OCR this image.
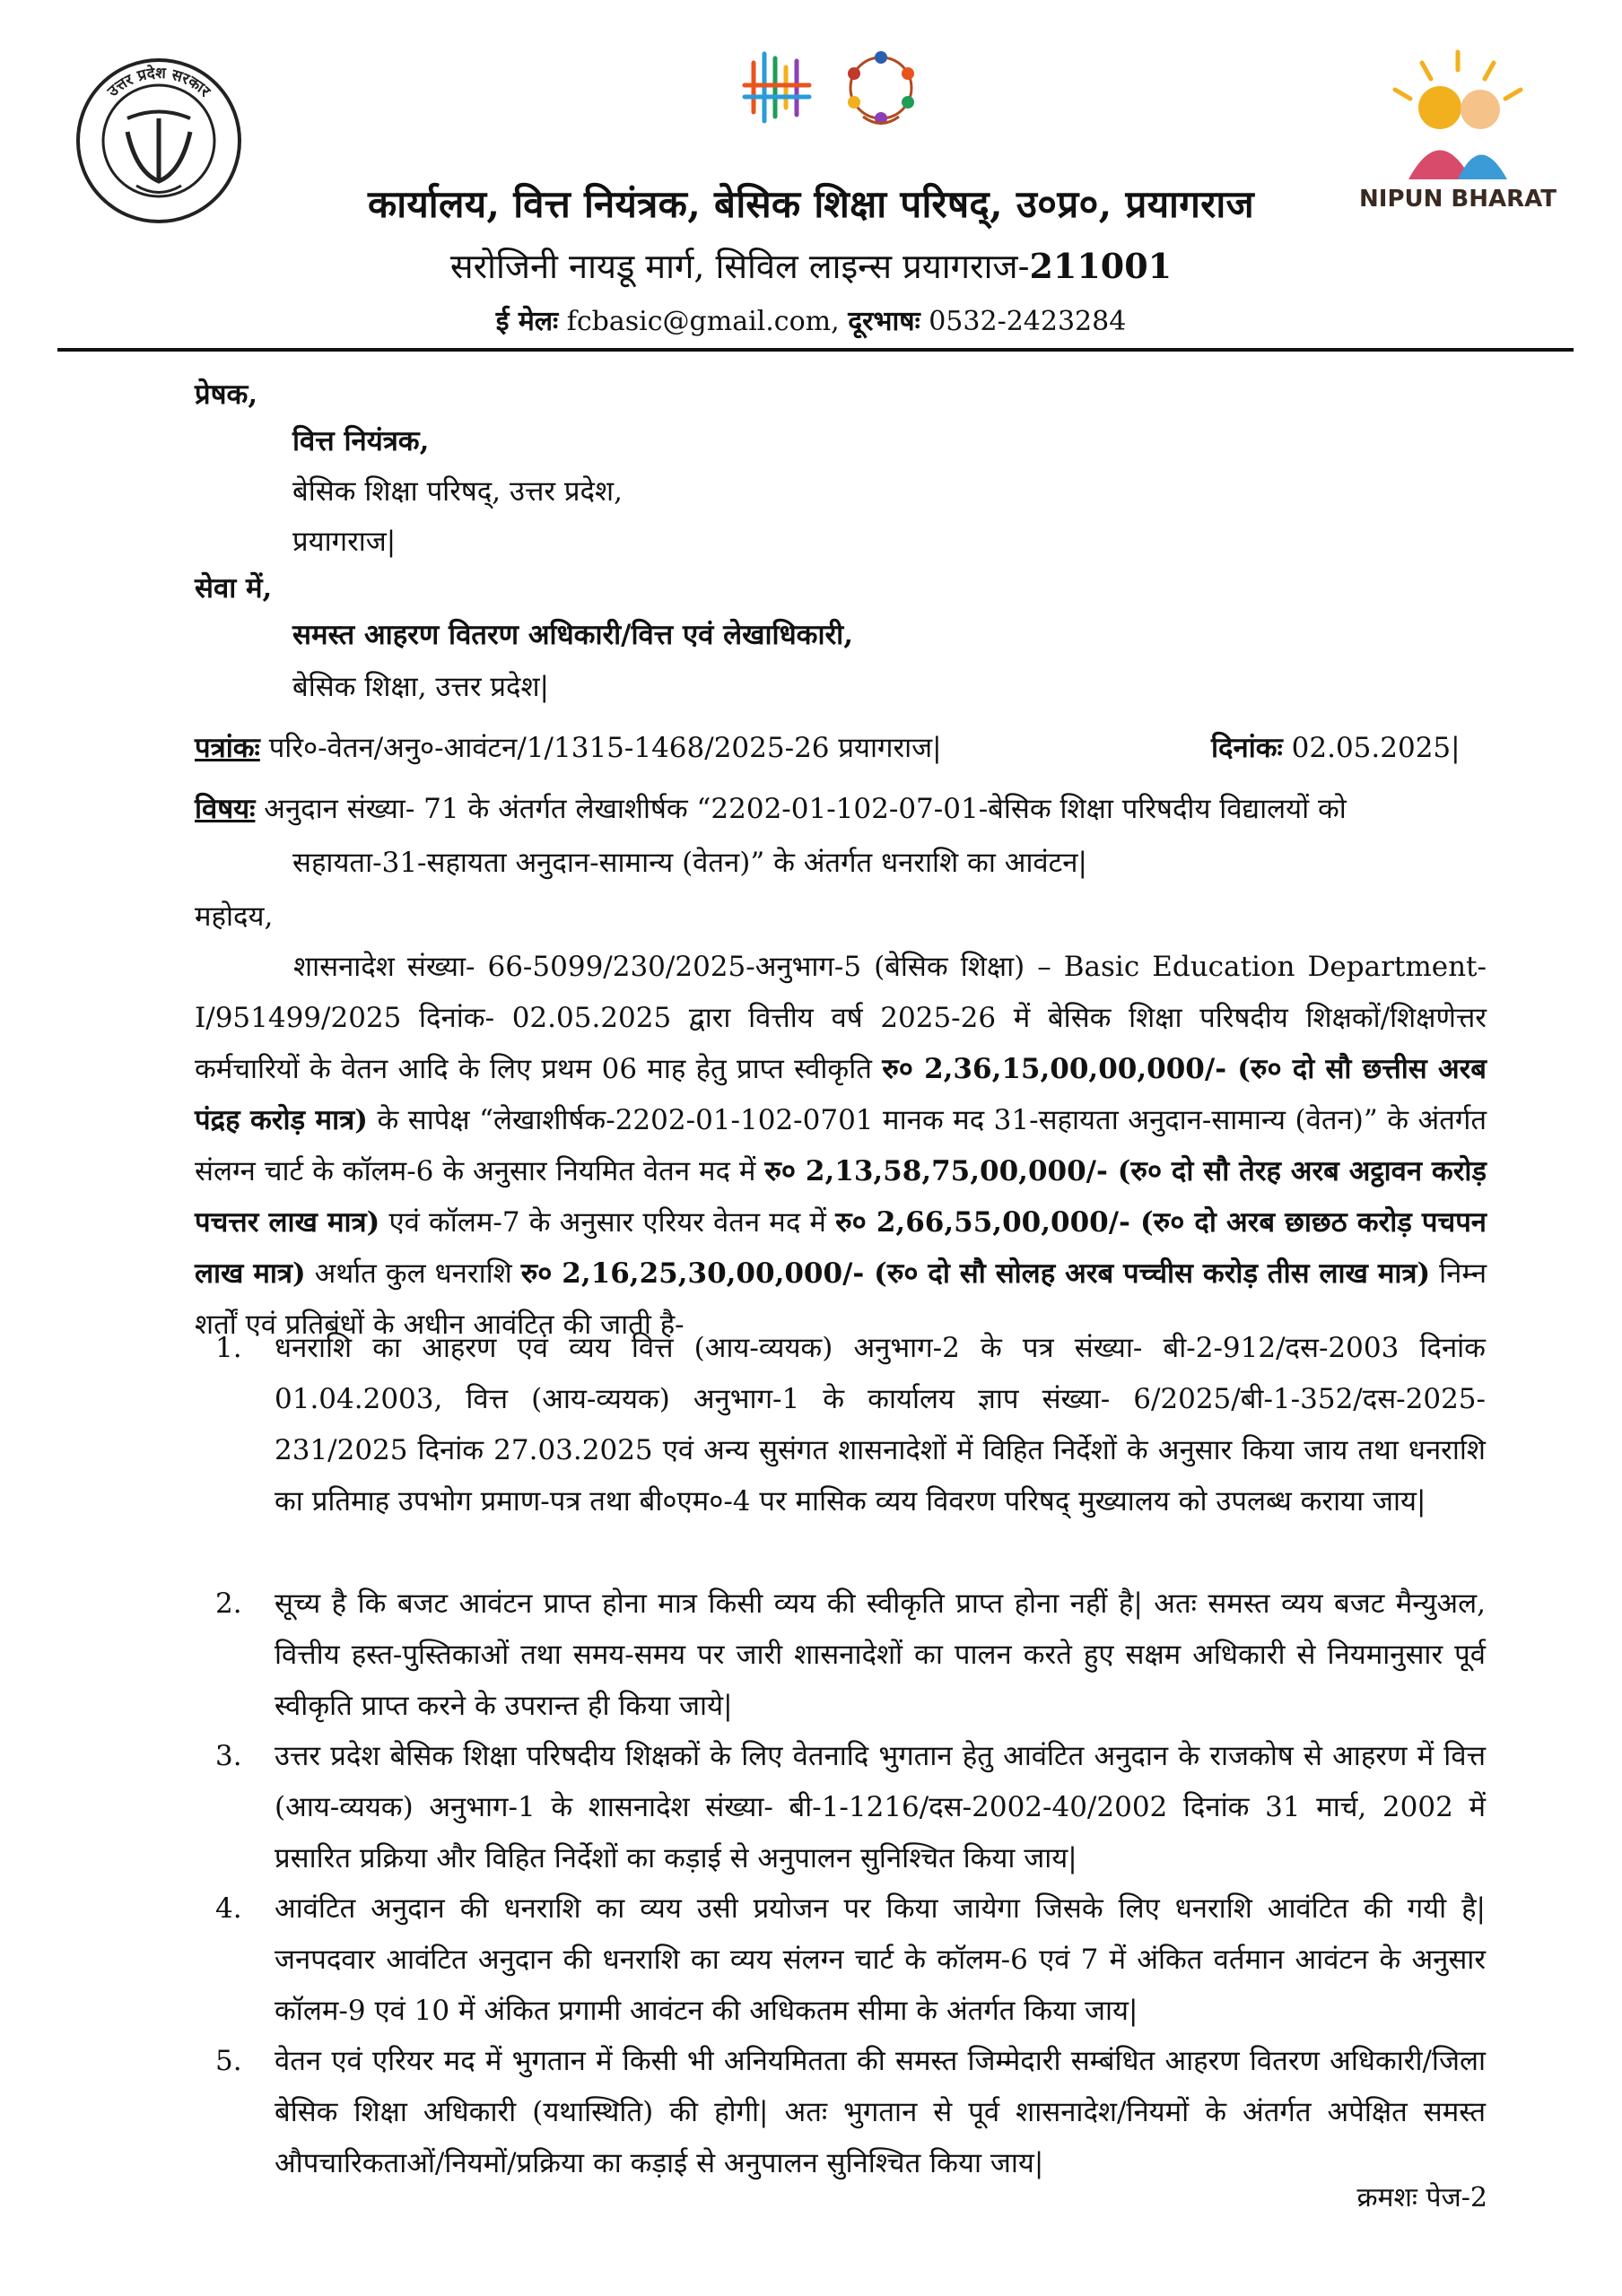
उत्तर प्रदेश सरकार
NIPUN BHARAT
कार्यालय, वित्त नियंत्रक, बेसिक शिक्षा परिषद्, उ०प्र०, प्रयागराज
सरोजिनी नायडू मार्ग, सिविल लाइन्स प्रयागराज-211001
ई मेलः fcbasic@gmail.com, दूरभाषः 0532-2423284
प्रेषक,
वित्त नियंत्रक,
बेसिक शिक्षा परिषद्, उत्तर प्रदेश,
प्रयागराज|
सेवा में,
समस्त आहरण वितरण अधिकारी/वित्त एवं लेखाधिकारी,
बेसिक शिक्षा, उत्तर प्रदेश|
पत्रांकः परि०-वेतन/अनु०-आवंटन/1/1315-1468/2025-26 प्रयागराज|	दिनांकः 02.05.2025|
विषयः अनुदान संख्या- 71 के अंतर्गत लेखाशीर्षक “2202-01-102-07-01-बेसिक शिक्षा परिषदीय विद्यालयों को
सहायता-31-सहायता अनुदान-सामान्य (वेतन)” के अंतर्गत धनराशि का आवंटन|
महोदय,
शासनादेश संख्या- 66-5099/230/2025-अनुभाग-5 (बेसिक शिक्षा) – Basic Education Department-I/951499/2025 दिनांक- 02.05.2025 द्वारा वित्तीय वर्ष 2025-26 में बेसिक शिक्षा परिषदीय शिक्षकों/शिक्षणेत्तर कर्मचारियों के वेतन आदि के लिए प्रथम 06 माह हेतु प्राप्त स्वीकृति रु० 2,36,15,00,00,000/- (रु० दो सौ छत्तीस अरब पंद्रह करोड़ मात्र) के सापेक्ष “लेखाशीर्षक-2202-01-102-0701 मानक मद 31-सहायता अनुदान-सामान्य (वेतन)” के अंतर्गत संलग्न चार्ट के कॉलम-6 के अनुसार नियमित वेतन मद में रु० 2,13,58,75,00,000/- (रु० दो सौ तेरह अरब अट्ठावन करोड़ पचत्तर लाख मात्र) एवं कॉलम-7 के अनुसार एरियर वेतन मद में रु० 2,66,55,00,000/- (रु० दो अरब छाछठ करोड़ पचपन लाख मात्र) अर्थात कुल धनराशि रु० 2,16,25,30,00,000/- (रु० दो सौ सोलह अरब पच्चीस करोड़ तीस लाख मात्र) निम्न शर्तों एवं प्रतिबंधों के अधीन आवंटित की जाती है-
1.	धनराशि का आहरण एवं व्यय वित्त (आय-व्ययक) अनुभाग-2 के पत्र संख्या- बी-2-912/दस-2003 दिनांक 01.04.2003, वित्त (आय-व्ययक) अनुभाग-1 के कार्यालय ज्ञाप संख्या- 6/2025/बी-1-352/दस-2025-231/2025 दिनांक 27.03.2025 एवं अन्य सुसंगत शासनादेशों में विहित निर्देशों के अनुसार किया जाय तथा धनराशि का प्रतिमाह उपभोग प्रमाण-पत्र तथा बी०एम०-4 पर मासिक व्यय विवरण परिषद् मुख्यालय को उपलब्ध कराया जाय|
2.	सूच्य है कि बजट आवंटन प्राप्त होना मात्र किसी व्यय की स्वीकृति प्राप्त होना नहीं है| अतः समस्त व्यय बजट मैन्युअल, वित्तीय हस्त-पुस्तिकाओं तथा समय-समय पर जारी शासनादेशों का पालन करते हुए सक्षम अधिकारी से नियमानुसार पूर्व स्वीकृति प्राप्त करने के उपरान्त ही किया जाये|
3.	उत्तर प्रदेश बेसिक शिक्षा परिषदीय शिक्षकों के लिए वेतनादि भुगतान हेतु आवंटित अनुदान के राजकोष से आहरण में वित्त (आय-व्ययक) अनुभाग-1 के शासनादेश संख्या- बी-1-1216/दस-2002-40/2002 दिनांक 31 मार्च, 2002 में प्रसारित प्रक्रिया और विहित निर्देशों का कड़ाई से अनुपालन सुनिश्चित किया जाय|
4.	आवंटित अनुदान की धनराशि का व्यय उसी प्रयोजन पर किया जायेगा जिसके लिए धनराशि आवंटित की गयी है| जनपदवार आवंटित अनुदान की धनराशि का व्यय संलग्न चार्ट के कॉलम-6 एवं 7 में अंकित वर्तमान आवंटन के अनुसार कॉलम-9 एवं 10 में अंकित प्रगामी आवंटन की अधिकतम सीमा के अंतर्गत किया जाय|
5.	वेतन एवं एरियर मद में भुगतान में किसी भी अनियमितता की समस्त जिम्मेदारी सम्बंधित आहरण वितरण अधिकारी/जिला बेसिक शिक्षा अधिकारी (यथास्थिति) की होगी| अतः भुगतान से पूर्व शासनादेश/नियमों के अंतर्गत अपेक्षित समस्त औपचारिकताओं/नियमों/प्रक्रिया का कड़ाई से अनुपालन सुनिश्चित किया जाय|
क्रमशः पेज-2
